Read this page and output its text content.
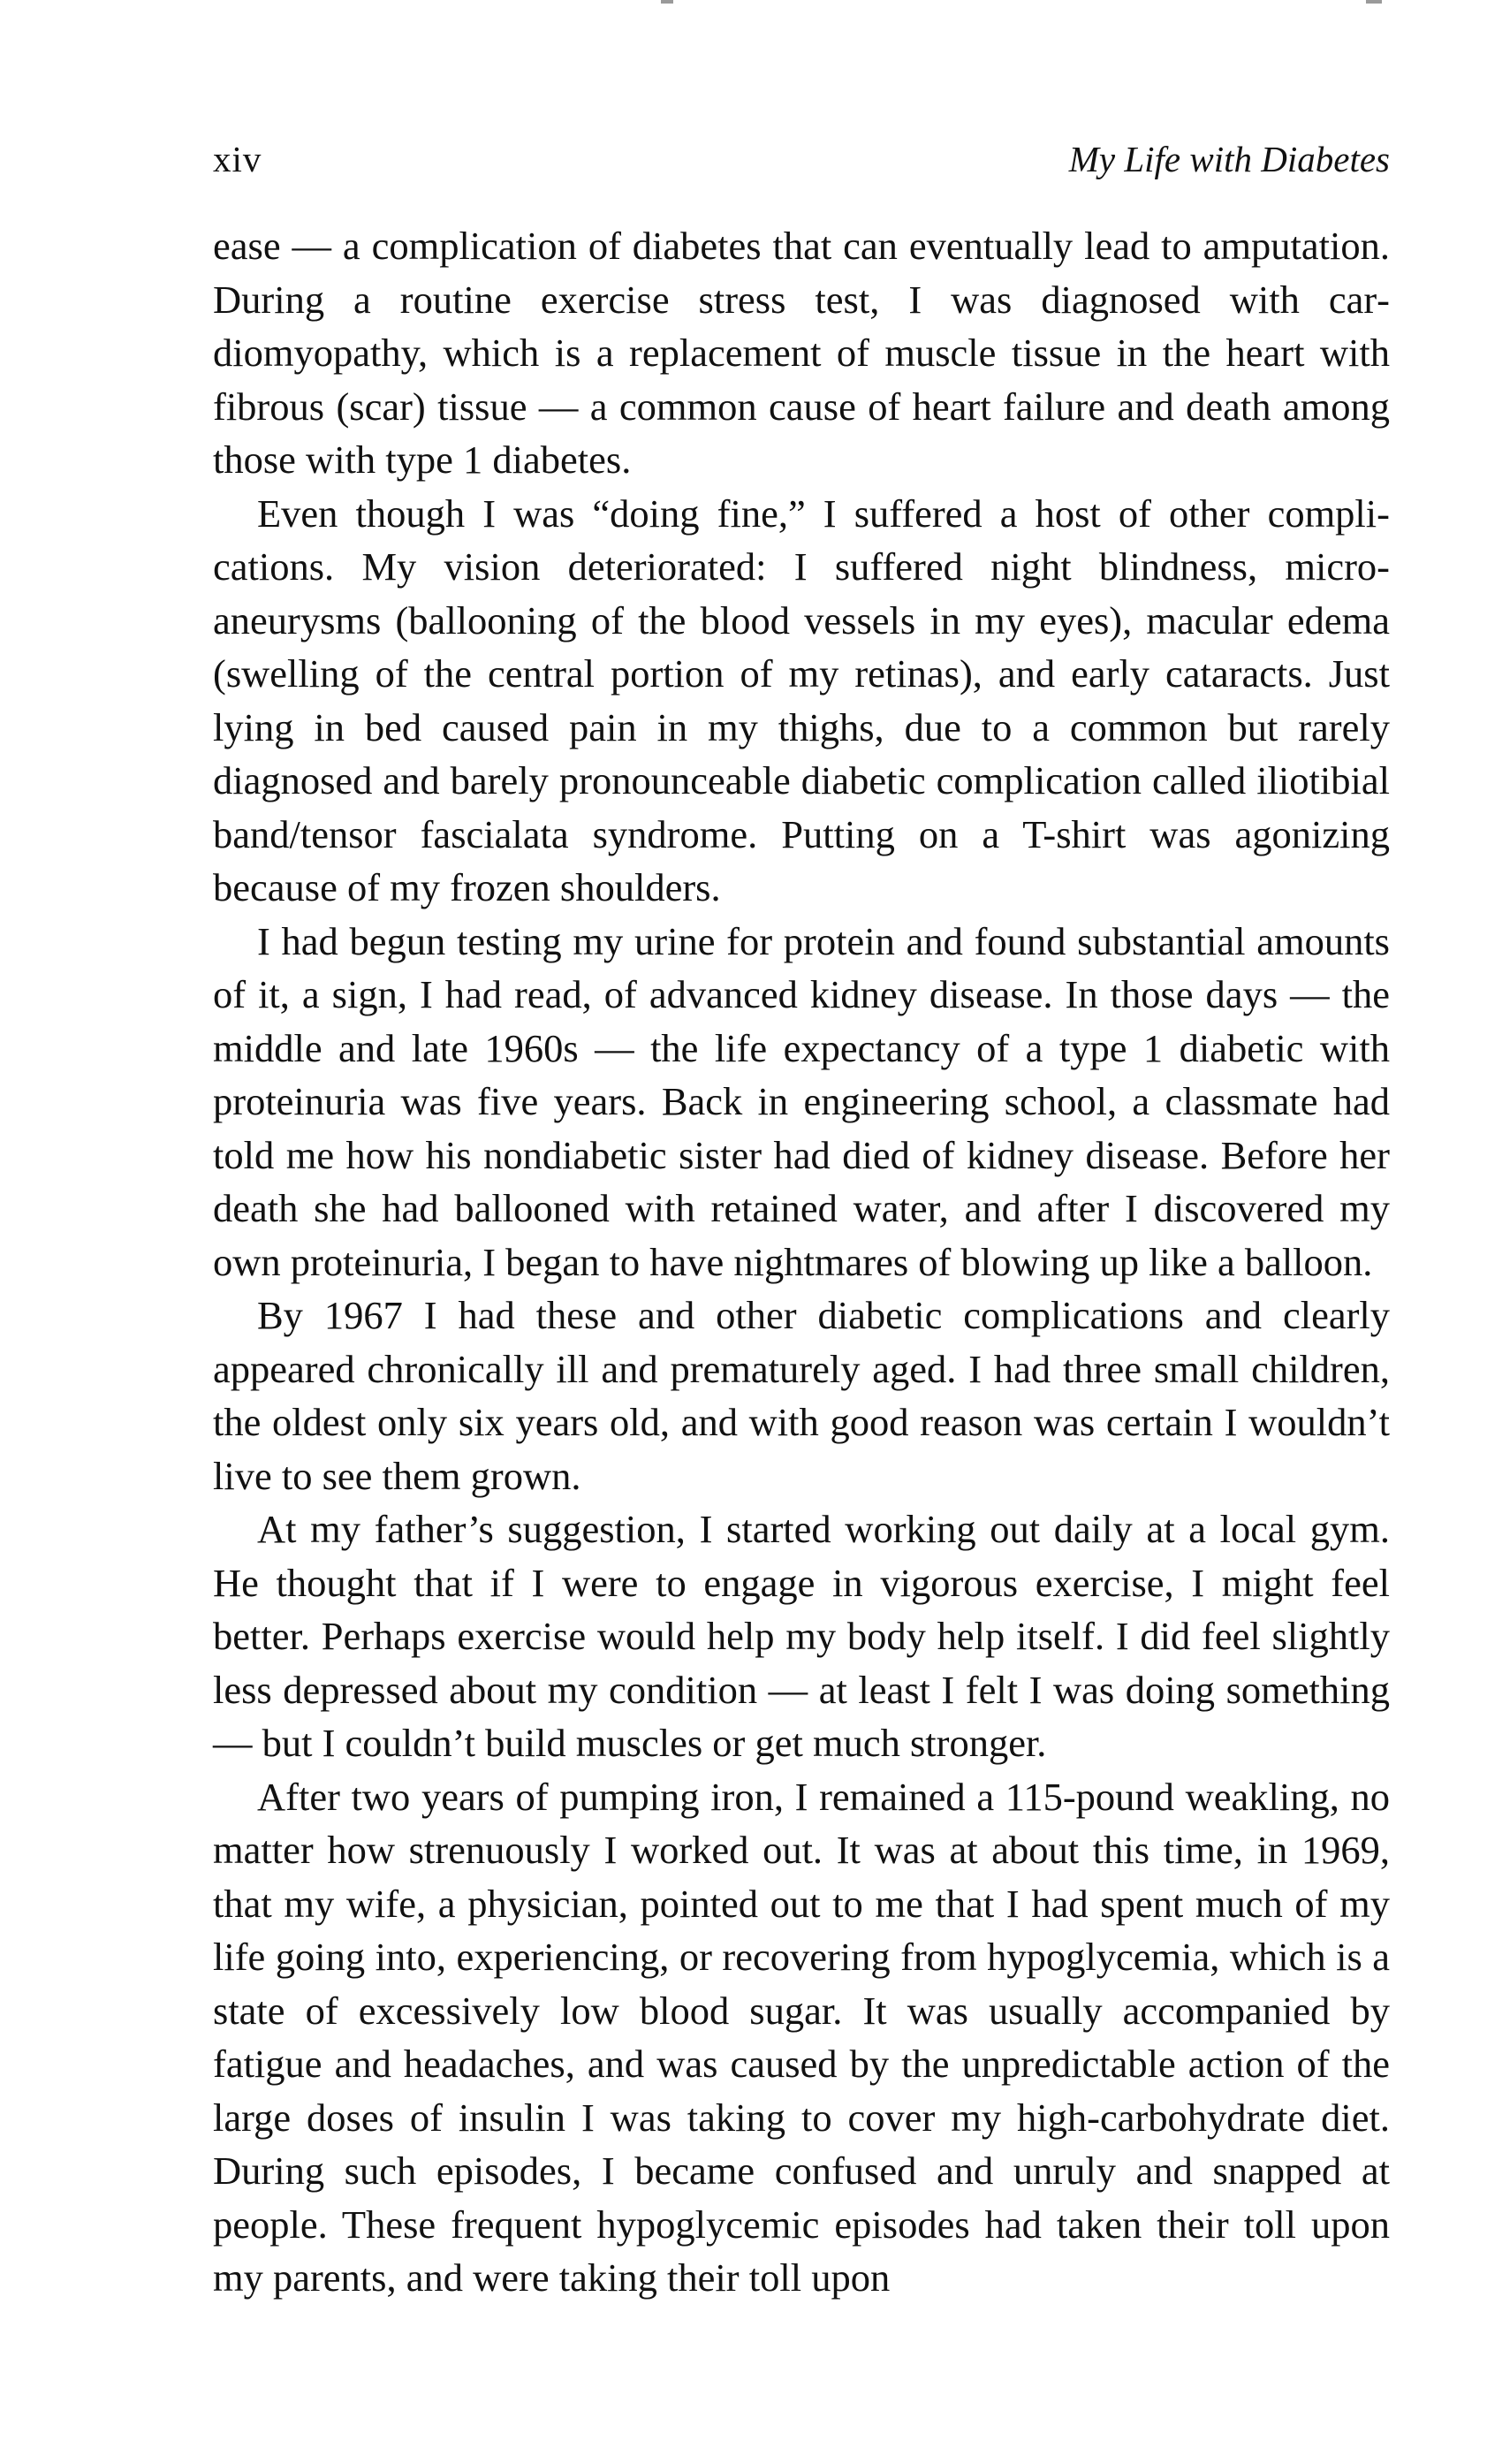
xiv	My Life with Diabetes

ease — a complication of diabetes that can eventually lead to amputation. During a routine exercise stress test, I was diagnosed with cardiomyopathy, which is a replacement of muscle tissue in the heart with fibrous (scar) tissue — a common cause of heart failure and death among those with type 1 diabetes.

Even though I was “doing fine,” I suffered a host of other complications. My vision deteriorated: I suffered night blindness, microaneurysms (ballooning of the blood vessels in my eyes), macular edema (swelling of the central portion of my retinas), and early cataracts. Just lying in bed caused pain in my thighs, due to a common but rarely diagnosed and barely pronounceable diabetic complication called iliotibial band/tensor fascialata syndrome. Putting on a T-shirt was agonizing because of my frozen shoulders.

I had begun testing my urine for protein and found substantial amounts of it, a sign, I had read, of advanced kidney disease. In those days — the middle and late 1960s — the life expectancy of a type 1 diabetic with proteinuria was five years. Back in engineering school, a classmate had told me how his nondiabetic sister had died of kidney disease. Before her death she had ballooned with retained water, and after I discovered my own proteinuria, I began to have nightmares of blowing up like a balloon.

By 1967 I had these and other diabetic complications and clearly appeared chronically ill and prematurely aged. I had three small children, the oldest only six years old, and with good reason was certain I wouldn’t live to see them grown.

At my father’s suggestion, I started working out daily at a local gym. He thought that if I were to engage in vigorous exercise, I might feel better. Perhaps exercise would help my body help itself. I did feel slightly less depressed about my condition — at least I felt I was doing something — but I couldn’t build muscles or get much stronger.

After two years of pumping iron, I remained a 115-pound weakling, no matter how strenuously I worked out. It was at about this time, in 1969, that my wife, a physician, pointed out to me that I had spent much of my life going into, experiencing, or recovering from hypoglycemia, which is a state of excessively low blood sugar. It was usually accompanied by fatigue and headaches, and was caused by the unpredictable action of the large doses of insulin I was taking to cover my high-carbohydrate diet. During such episodes, I became confused and unruly and snapped at people. These frequent hypoglycemic episodes had taken their toll upon my parents, and were taking their toll upon
